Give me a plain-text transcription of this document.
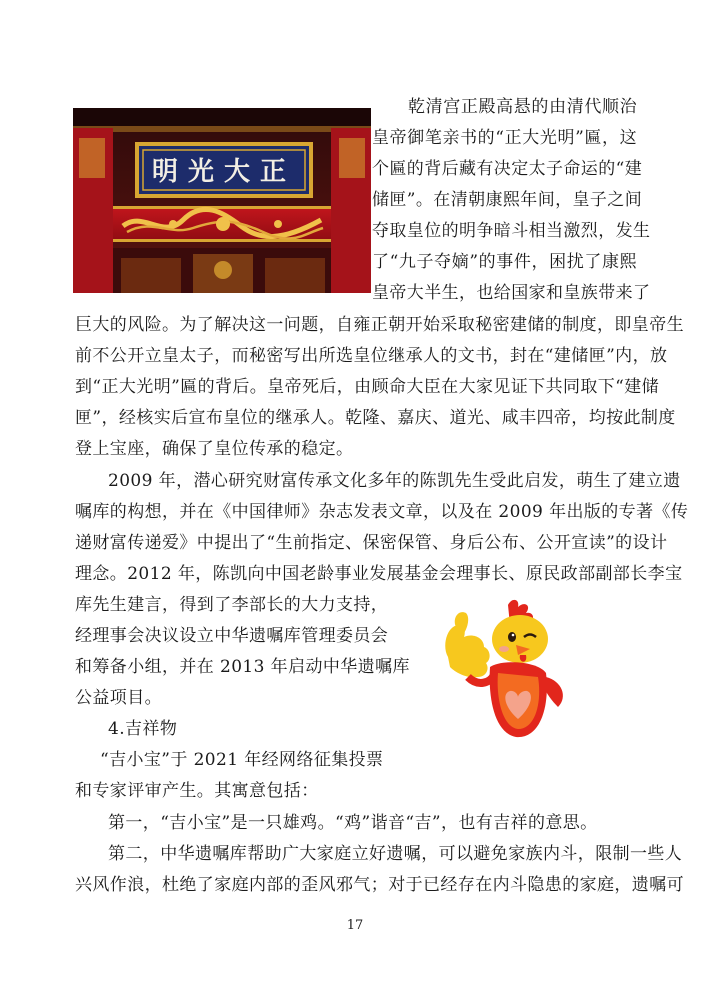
明光大正
乾清宫正殿高悬的由清代顺治
皇帝御笔亲书的“正大光明”匾，这
个匾的背后藏有决定太子命运的“建
储匣”。在清朝康熙年间，皇子之间
夺取皇位的明争暗斗相当激烈，发生
了“九子夺嫡”的事件，困扰了康熙
皇帝大半生，也给国家和皇族带来了
巨大的风险。为了解决这一问题，自雍正朝开始采取秘密建储的制度，即皇帝生
前不公开立皇太子，而秘密写出所选皇位继承人的文书，封在“建储匣”内，放
到“正大光明”匾的背后。皇帝死后，由顾命大臣在大家见证下共同取下“建储
匣”，经核实后宣布皇位的继承人。乾隆、嘉庆、道光、咸丰四帝，均按此制度
登上宝座，确保了皇位传承的稳定。
2009 年，潜心研究财富传承文化多年的陈凯先生受此启发，萌生了建立遗
嘱库的构想，并在《中国律师》杂志发表文章，以及在 2009 年出版的专著《传
递财富传递爱》中提出了“生前指定、保密保管、身后公布、公开宣读”的设计
理念。2012 年，陈凯向中国老龄事业发展基金会理事长、原民政部副部长李宝
库先生建言，得到了李部长的大力支持，
经理事会决议设立中华遗嘱库管理委员会
和筹备小组，并在 2013 年启动中华遗嘱库
公益项目。
4.吉祥物
“吉小宝”于 2021 年经网络征集投票
和专家评审产生。其寓意包括：
第一，“吉小宝”是一只雄鸡。“鸡”谐音“吉”，也有吉祥的意思。
第二，中华遗嘱库帮助广大家庭立好遗嘱，可以避免家族内斗，限制一些人
兴风作浪，杜绝了家庭内部的歪风邪气；对于已经存在内斗隐患的家庭，遗嘱可
17
